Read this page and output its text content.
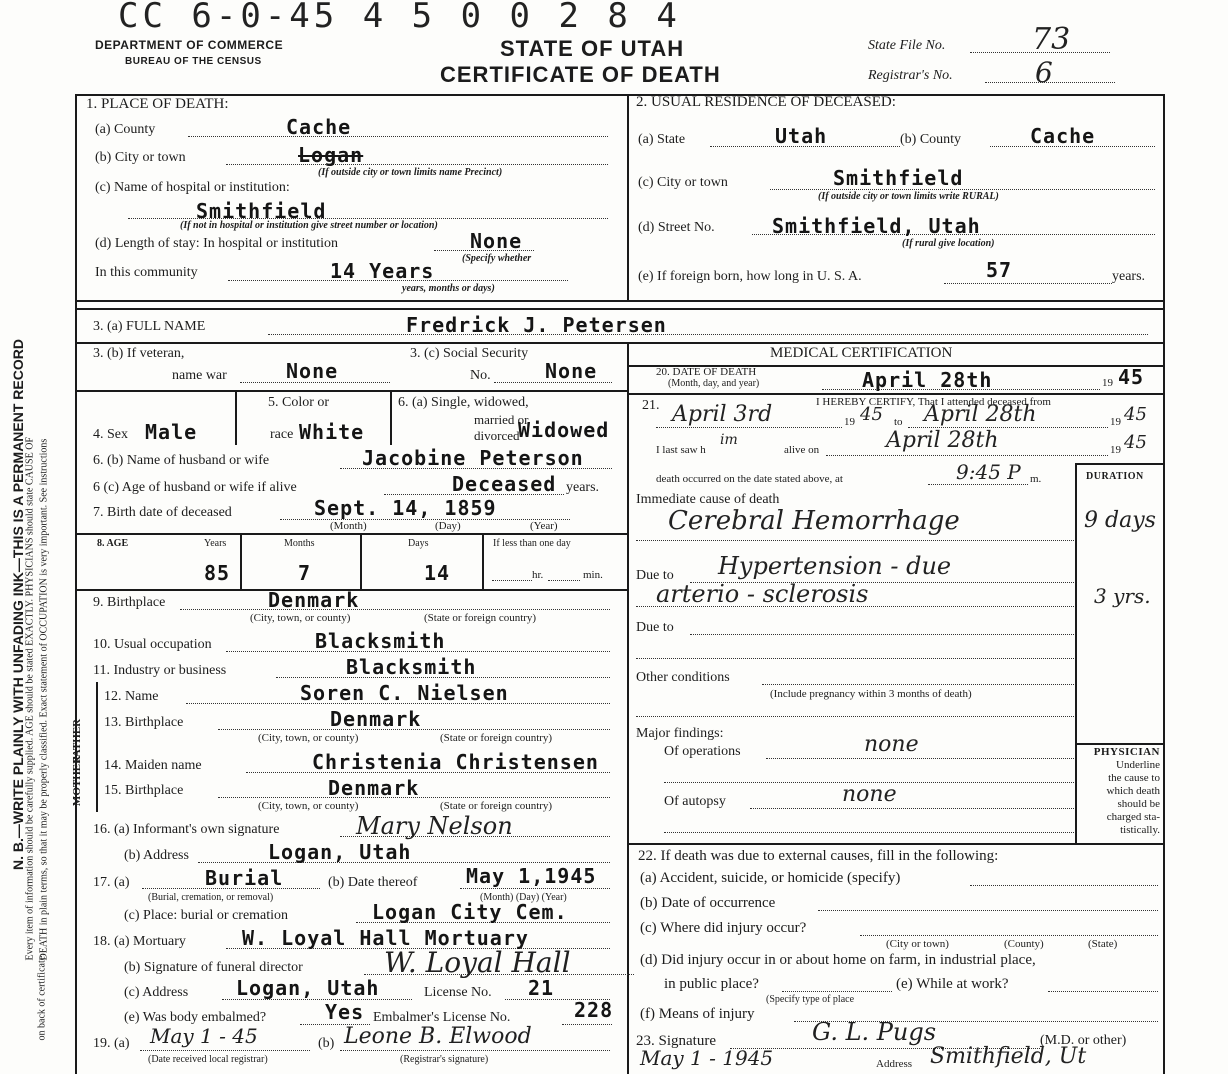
CC 6-0-45 4 5 0 0 2 8 4
DEPARTMENT OF COMMERCE
BUREAU OF THE CENSUS
STATE OF UTAH
CERTIFICATE OF DEATH
State File No.	73
Registrar's No.	6
N. B.—WRITE PLAINLY WITH UNFADING INK—THIS IS A PERMANENT RECORD
Every item of information should be carefully supplied. AGE should be stated EXACTLY. PHYSICIANS should state CAUSE OF DEATH in plain terms, so that it may be properly classified. Exact statement of OCCUPATION is very important. See instructions
on back of certificate.
1. PLACE OF DEATH:
(a) County	Cache
(b) City or town	Logan
(If outside city or town limits name Precinct)
(c) Name of hospital or institution:
Smithfield
(If not in hospital or institution give street number or location)
(d) Length of stay: In hospital or institution	None
(Specify whether
In this community	14 Years
years, months or days)
2. USUAL RESIDENCE OF DECEASED:
(a) State	Utah	(b) County	Cache
(c) City or town	Smithfield
(If outside city or town limits write RURAL)
(d) Street No.	Smithfield, Utah
(If rural give location)
(e) If foreign born, how long in U. S. A.	57	years.
3. (a) FULL NAME	Fredrick J. Petersen
3. (b) If veteran,
name war	None
3. (c) Social Security
No.	None
4. Sex Male
5. Color or
race White
6. (a) Single, widowed,
married or
divorced
Widowed
6. (b) Name of husband or wife	Jacobine Peterson
6 (c) Age of husband or wife if alive	Deceased years.
7. Birth date of deceased	Sept. 14, 1859
(Month)	(Day)	(Year)
8. AGE	Years	Months	Days	If less than one day
85	7	14	hr.	min.
9. Birthplace	Denmark
(City, town, or county)	(State or foreign country)
10. Usual occupation	Blacksmith
11. Industry or business	Blacksmith
FATHER
MOTHER
12. Name	Soren C. Nielsen
13. Birthplace	Denmark
(City, town, or county)	(State or foreign country)
14. Maiden name	Christenia Christensen
15. Birthplace	Denmark
(City, town, or county)	(State or foreign country)
16. (a) Informant's own signature	Mary Nelson
(b) Address	Logan, Utah
17. (a)	Burial
(Burial, cremation, or removal)
(b) Date thereof May 1,1945
(Month) (Day) (Year)
(c) Place: burial or cremation	Logan City Cem.
18. (a) Mortuary	W. Loyal Hall Mortuary
(b) Signature of funeral director	W. Loyal Hall
(c) Address Logan, Utah	License No. 21
(e) Was body embalmed?	Yes Embalmer's License No.	228
19. (a) May 1 - 45
(Date received local registrar)
(b) Leone B. Elwood
(Registrar's signature)
MEDICAL CERTIFICATION
20. DATE OF DEATH
(Month, day, and year)	April 28th	19 45
21.	I HEREBY CERTIFY, That I attended deceased from
April 3rd	19 45 to April 28th	19 45
I last saw h
im
alive on	April 28th	19 45
death occurred on the date stated above, at	9:45 P m.	DURATION
Immediate cause of death
Cerebral Hemorrhage	9 days
Due to Hypertension - due
arterio - sclerosis	3 yrs.
Due to
Other conditions
(Include pregnancy within 3 months of death)
Major findings:
Of operations	none
Of autopsy	none
PHYSICIAN
Underline
the cause to
which death
should be
charged sta-
tistically.
22. If death was due to external causes, fill in the following:
(a) Accident, suicide, or homicide (specify)
(b) Date of occurrence
(c) Where did injury occur?
(City or town)	(County)	(State)
(d) Did injury occur in or about home on farm, in industrial place,
in public place?
(Specify type of place
(e) While at work?
(f) Means of injury
23. Signature	G. L. Pugs	(M.D. or other)
May 1 - 1945	Address Smithfield, Ut
